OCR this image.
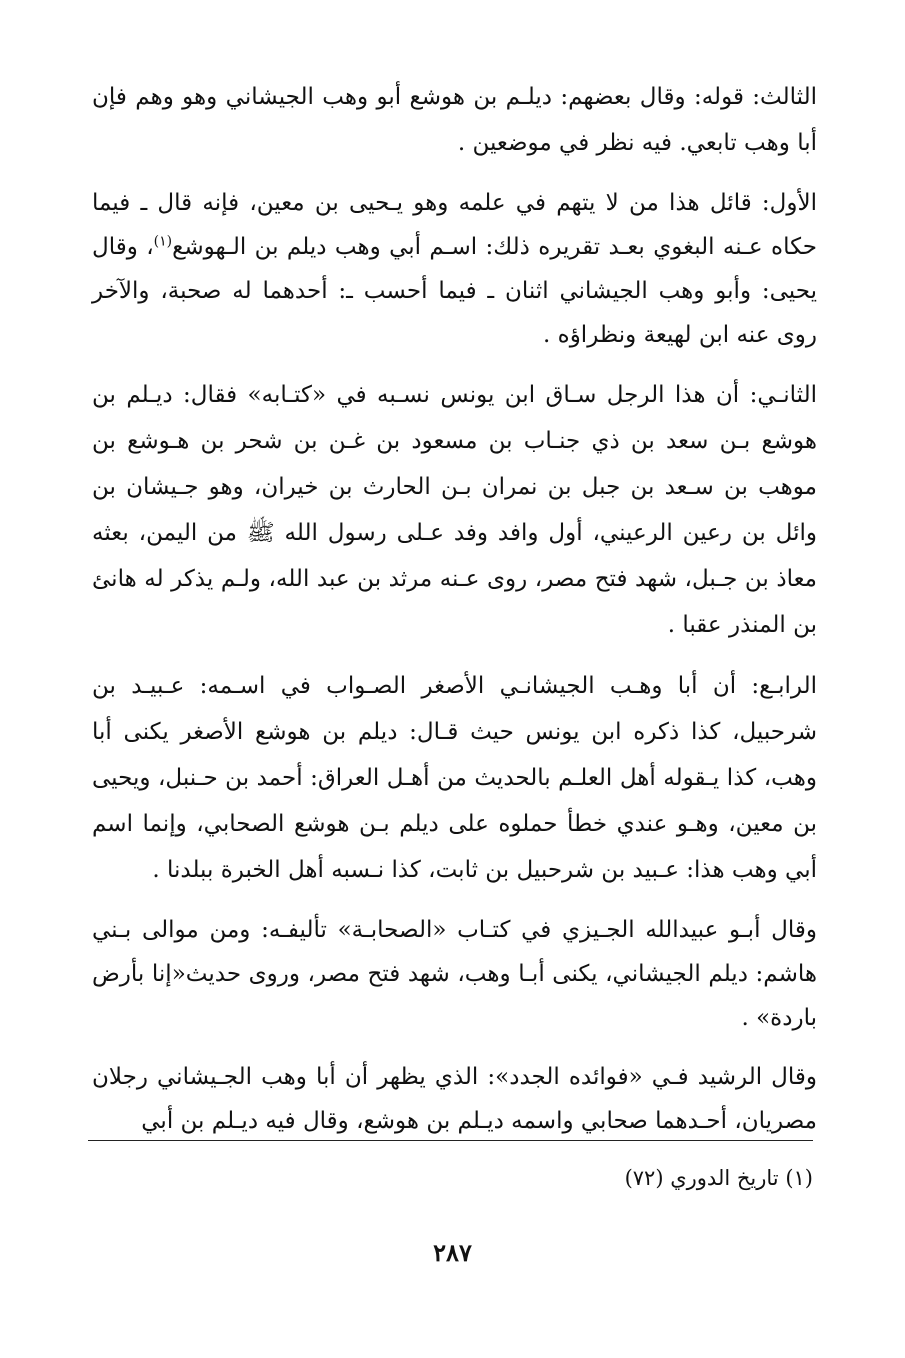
الثالث: قوله: وقال بعضهم: ديلـم بن هوشع أبو وهب الجيشاني وهو وهم فإن أبا وهب تابعي. فيه نظر في موضعين .

الأول: قائل هذا من لا يتهم في علمه وهو يـحيى بن معين، فإنه قال ـ فيما حكاه عـنه البغوي بعـد تقريره ذلك: اسـم أبي وهب ديلم بن الـهوشع$^{(١)}$، وقال يحيى: وأبو وهب الجيشاني اثنان ـ فيما أحسب ـ: أحدهما له صحبة، والآخر روى عنه ابن لهيعة ونظراؤه .

الثانـي: أن هذا الرجل سـاق ابن يونس نسـبه في «كتـابه» فقال: ديـلم بن هوشع بـن سعد بن ذي جنـاب بن مسعود بن غـن بن شحر بن هـوشع بن موهب بن سـعد بن جبل بن نمران بـن الحارث بن خيران، وهو جـيشان بن وائل بن رعين الرعيني، أول وافد وفد عـلى رسول الله ﷺ من اليمن، بعثه معاذ بن جـبل، شهد فتح مصر، روى عـنه مرثد بن عبد الله، ولـم يذكر له هانئ بن المنذر عقبا .

الرابـع: أن أبا وهـب الجيشانـي الأصغر الصـواب في اسـمه: عـبيـد بن شرحبيل، كذا ذكره ابن يونس حيث قـال: ديلم بن هوشع الأصغر يكنى أبا وهب، كذا يـقوله أهل العلـم بالحديث من أهـل العراق: أحمد بن حـنبل، ويحيى بن معين، وهـو عندي خطأ حملوه على ديلم بـن هوشع الصحابي، وإنما اسم أبي وهب هذا: عـبيد بن شرحبيل بن ثابت، كذا نـسبه أهل الخبرة ببلدنا .

وقال أبـو عبيدالله الجـيزي في كتـاب «الصحابـة» تأليفـه: ومن موالى بـني هاشم: ديلم الجيشاني، يكنى أبـا وهب، شهد فتح مصر، وروى حديث«إنا بأرض باردة» .

وقال الرشيد فـي «فوائده الجدد»: الذي يظهر أن أبا وهب الجـيشاني رجلان مصريان، أحـدهما صحابي واسمه ديـلم بن هوشع، وقال فيه ديـلم بن أبي

(١) تاريخ الدوري (٧٢)

٢٨٧
